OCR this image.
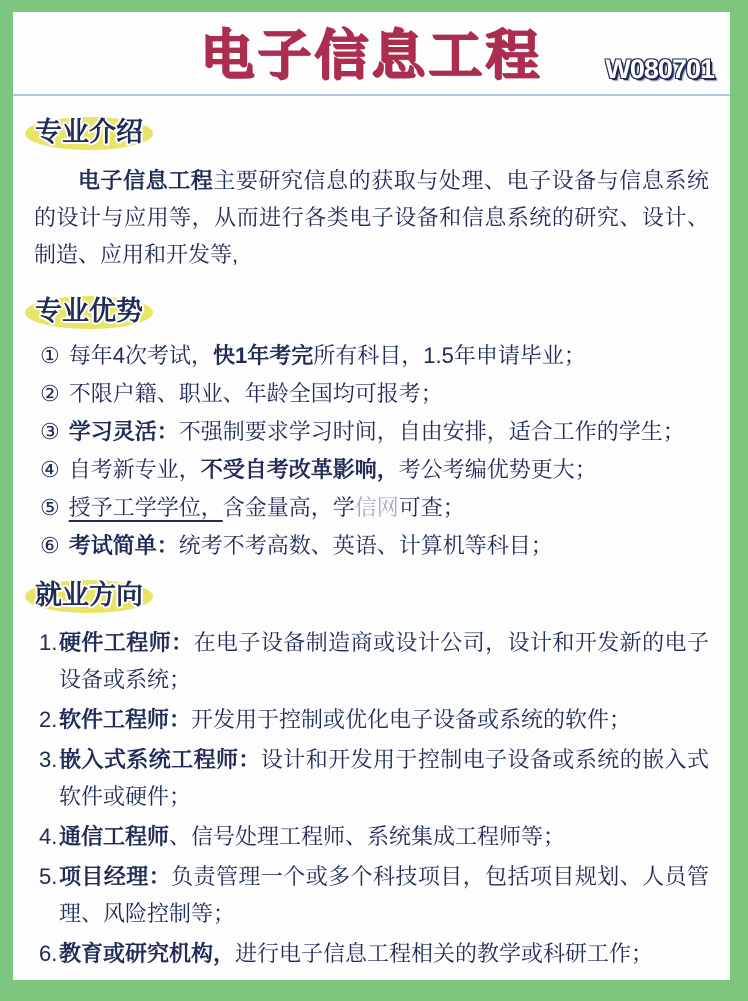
电子信息工程 W080701
专业介绍

电子信息工程主要研究信息的获取与处理、电子设备与信息系统的设计与应用等，从而进行各类电子设备和信息系统的研究、设计、制造、应用和开发等,

专业优势
① 每年4次考试，快1年考完所有科目，1.5年申请毕业；
② 不限户籍、职业、年龄全国均可报考；
③ 学习灵活：不强制要求学习时间，自由安排，适合工作的学生；
④ 自考新专业，不受自考改革影响，考公考编优势更大；
⑤ 授予工学学位，含金量高，学信网可查；
⑥ 考试简单：统考不考高数、英语、计算机等科目；
就业方向
1. 硬件工程师：在电子设备制造商或设计公司，设计和开发新的电子设备或系统；
2. 软件工程师：开发用于控制或优化电子设备或系统的软件；
3. 嵌入式系统工程师：设计和开发用于控制电子设备或系统的嵌入式软件或硬件；
4. 通信工程师、信号处理工程师、系统集成工程师等；
5. 项目经理：负责管理一个或多个科技项目，包括项目规划、人员管理、风险控制等；
6. 教育或研究机构，进行电子信息工程相关的教学或科研工作；
